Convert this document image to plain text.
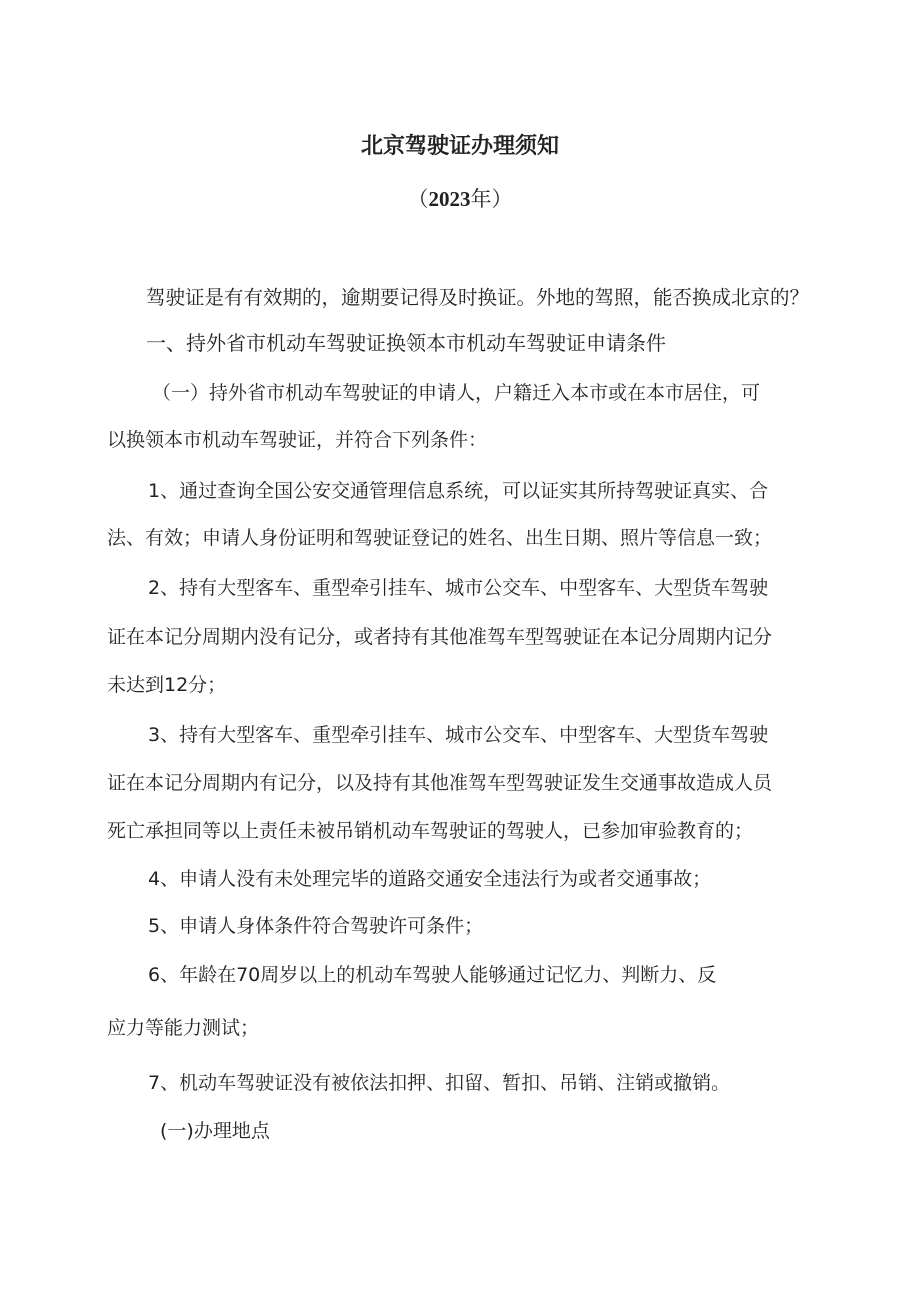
北京驾驶证办理须知
（2023年）

驾驶证是有有效期的，逾期要记得及时换证。外地的驾照，能否换成北京的？

一、持外省市机动车驾驶证换领本市机动车驾驶证申请条件

（一）持外省市机动车驾驶证的申请人，户籍迁入本市或在本市居住，可

以换领本市机动车驾驶证，并符合下列条件：

1、通过查询全国公安交通管理信息系统，可以证实其所持驾驶证真实、合

法、有效；申请人身份证明和驾驶证登记的姓名、出生日期、照片等信息一致；

2、持有大型客车、重型牵引挂车、城市公交车、中型客车、大型货车驾驶

证在本记分周期内没有记分，或者持有其他准驾车型驾驶证在本记分周期内记分

未达到12分；

3、持有大型客车、重型牵引挂车、城市公交车、中型客车、大型货车驾驶

证在本记分周期内有记分，以及持有其他准驾车型驾驶证发生交通事故造成人员

死亡承担同等以上责任未被吊销机动车驾驶证的驾驶人，已参加审验教育的；

4、申请人没有未处理完毕的道路交通安全违法行为或者交通事故；

5、申请人身体条件符合驾驶许可条件；

6、年龄在70周岁以上的机动车驾驶人能够通过记忆力、判断力、反

应力等能力测试；

7、机动车驾驶证没有被依法扣押、扣留、暂扣、吊销、注销或撤销。

(一)办理地点
